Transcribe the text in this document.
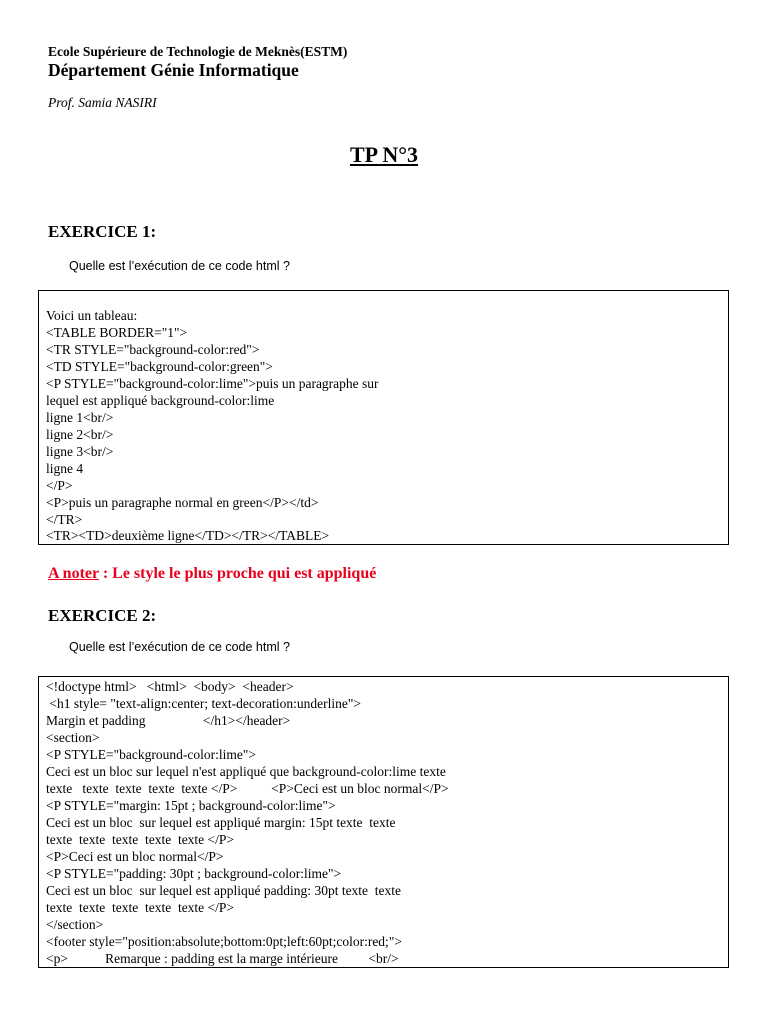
Ecole Supérieure de Technologie de Meknès(ESTM)
Département Génie Informatique
Prof. Samia NASIRI
TP N°3
EXERCICE 1:
Quelle est l’exécution de ce code html ?
Voici un tableau:
<TABLE BORDER="1">
<TR STYLE="background-color:red">
<TD STYLE="background-color:green">
<P STYLE="background-color:lime">puis un paragraphe sur
lequel est appliqué background-color:lime
ligne 1<br/>
ligne 2<br/>
ligne 3<br/>
ligne 4
</P>
<P>puis un paragraphe normal en green</P></td>
</TR>
<TR><TD>deuxième ligne</TD></TR></TABLE>
A noter : Le style le plus proche qui est appliqué
EXERCICE 2:
Quelle est l’exécution de ce code html ?
<!doctype html>   <html>  <body>  <header>
<h1 style= "text-align:center; text-decoration:underline">
Margin et padding                 </h1></header>
<section>
<P STYLE="background-color:lime">
Ceci est un bloc sur lequel n'est appliqué que background-color:lime texte
texte   texte  texte  texte  texte </P>          <P>Ceci est un bloc normal</P>
<P STYLE="margin: 15pt ; background-color:lime">
Ceci est un bloc  sur lequel est appliqué margin: 15pt texte  texte
texte  texte  texte  texte  texte </P>
<P>Ceci est un bloc normal</P>
<P STYLE="padding: 30pt ; background-color:lime">
Ceci est un bloc  sur lequel est appliqué padding: 30pt texte  texte
texte  texte  texte  texte  texte </P>
</section>
<footer style="position:absolute;bottom:0pt;left:60pt;color:red;">
<p>           Remarque : padding est la marge intérieure         <br/>
